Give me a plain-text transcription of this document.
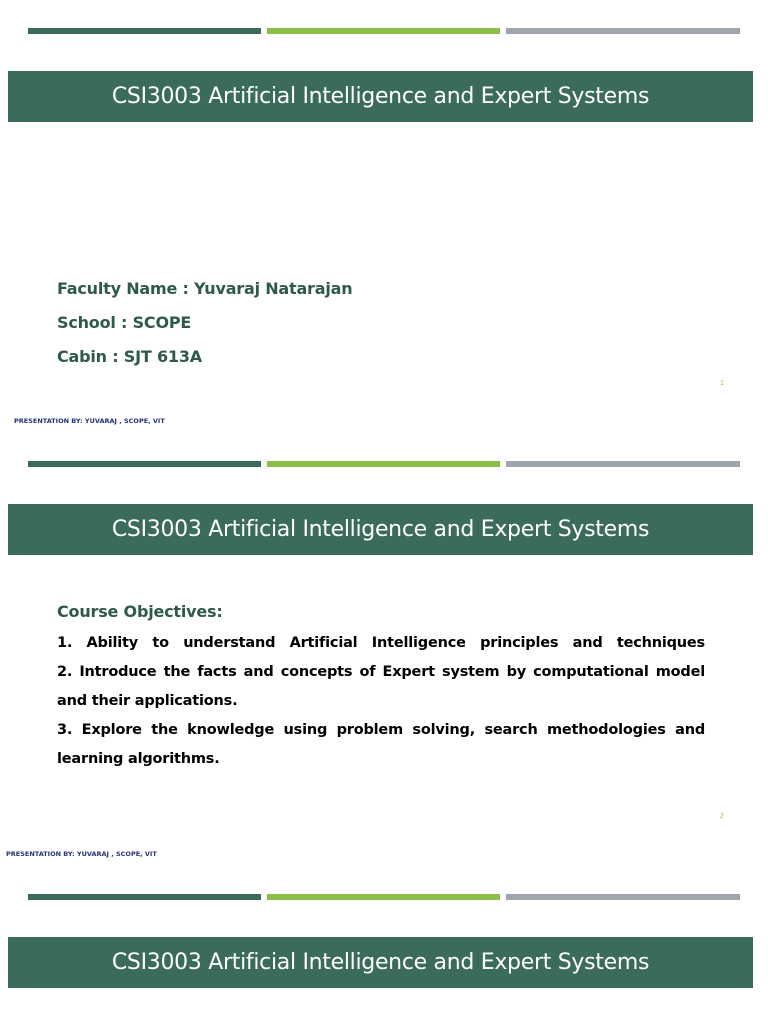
CSI3003 Artificial Intelligence and Expert Systems
Faculty Name : Yuvaraj Natarajan
School : SCOPE
Cabin : SJT 613A
1
PRESENTATION BY: YUVARAJ , SCOPE, VIT
CSI3003 Artificial Intelligence and Expert Systems
Course Objectives:
1. Ability to understand Artificial Intelligence principles and techniques
2. Introduce the facts and concepts of Expert system by computational model and their applications.
3. Explore the knowledge using problem solving, search methodologies and learning algorithms.
2
PRESENTATION BY: YUVARAJ , SCOPE, VIT
CSI3003 Artificial Intelligence and Expert Systems
